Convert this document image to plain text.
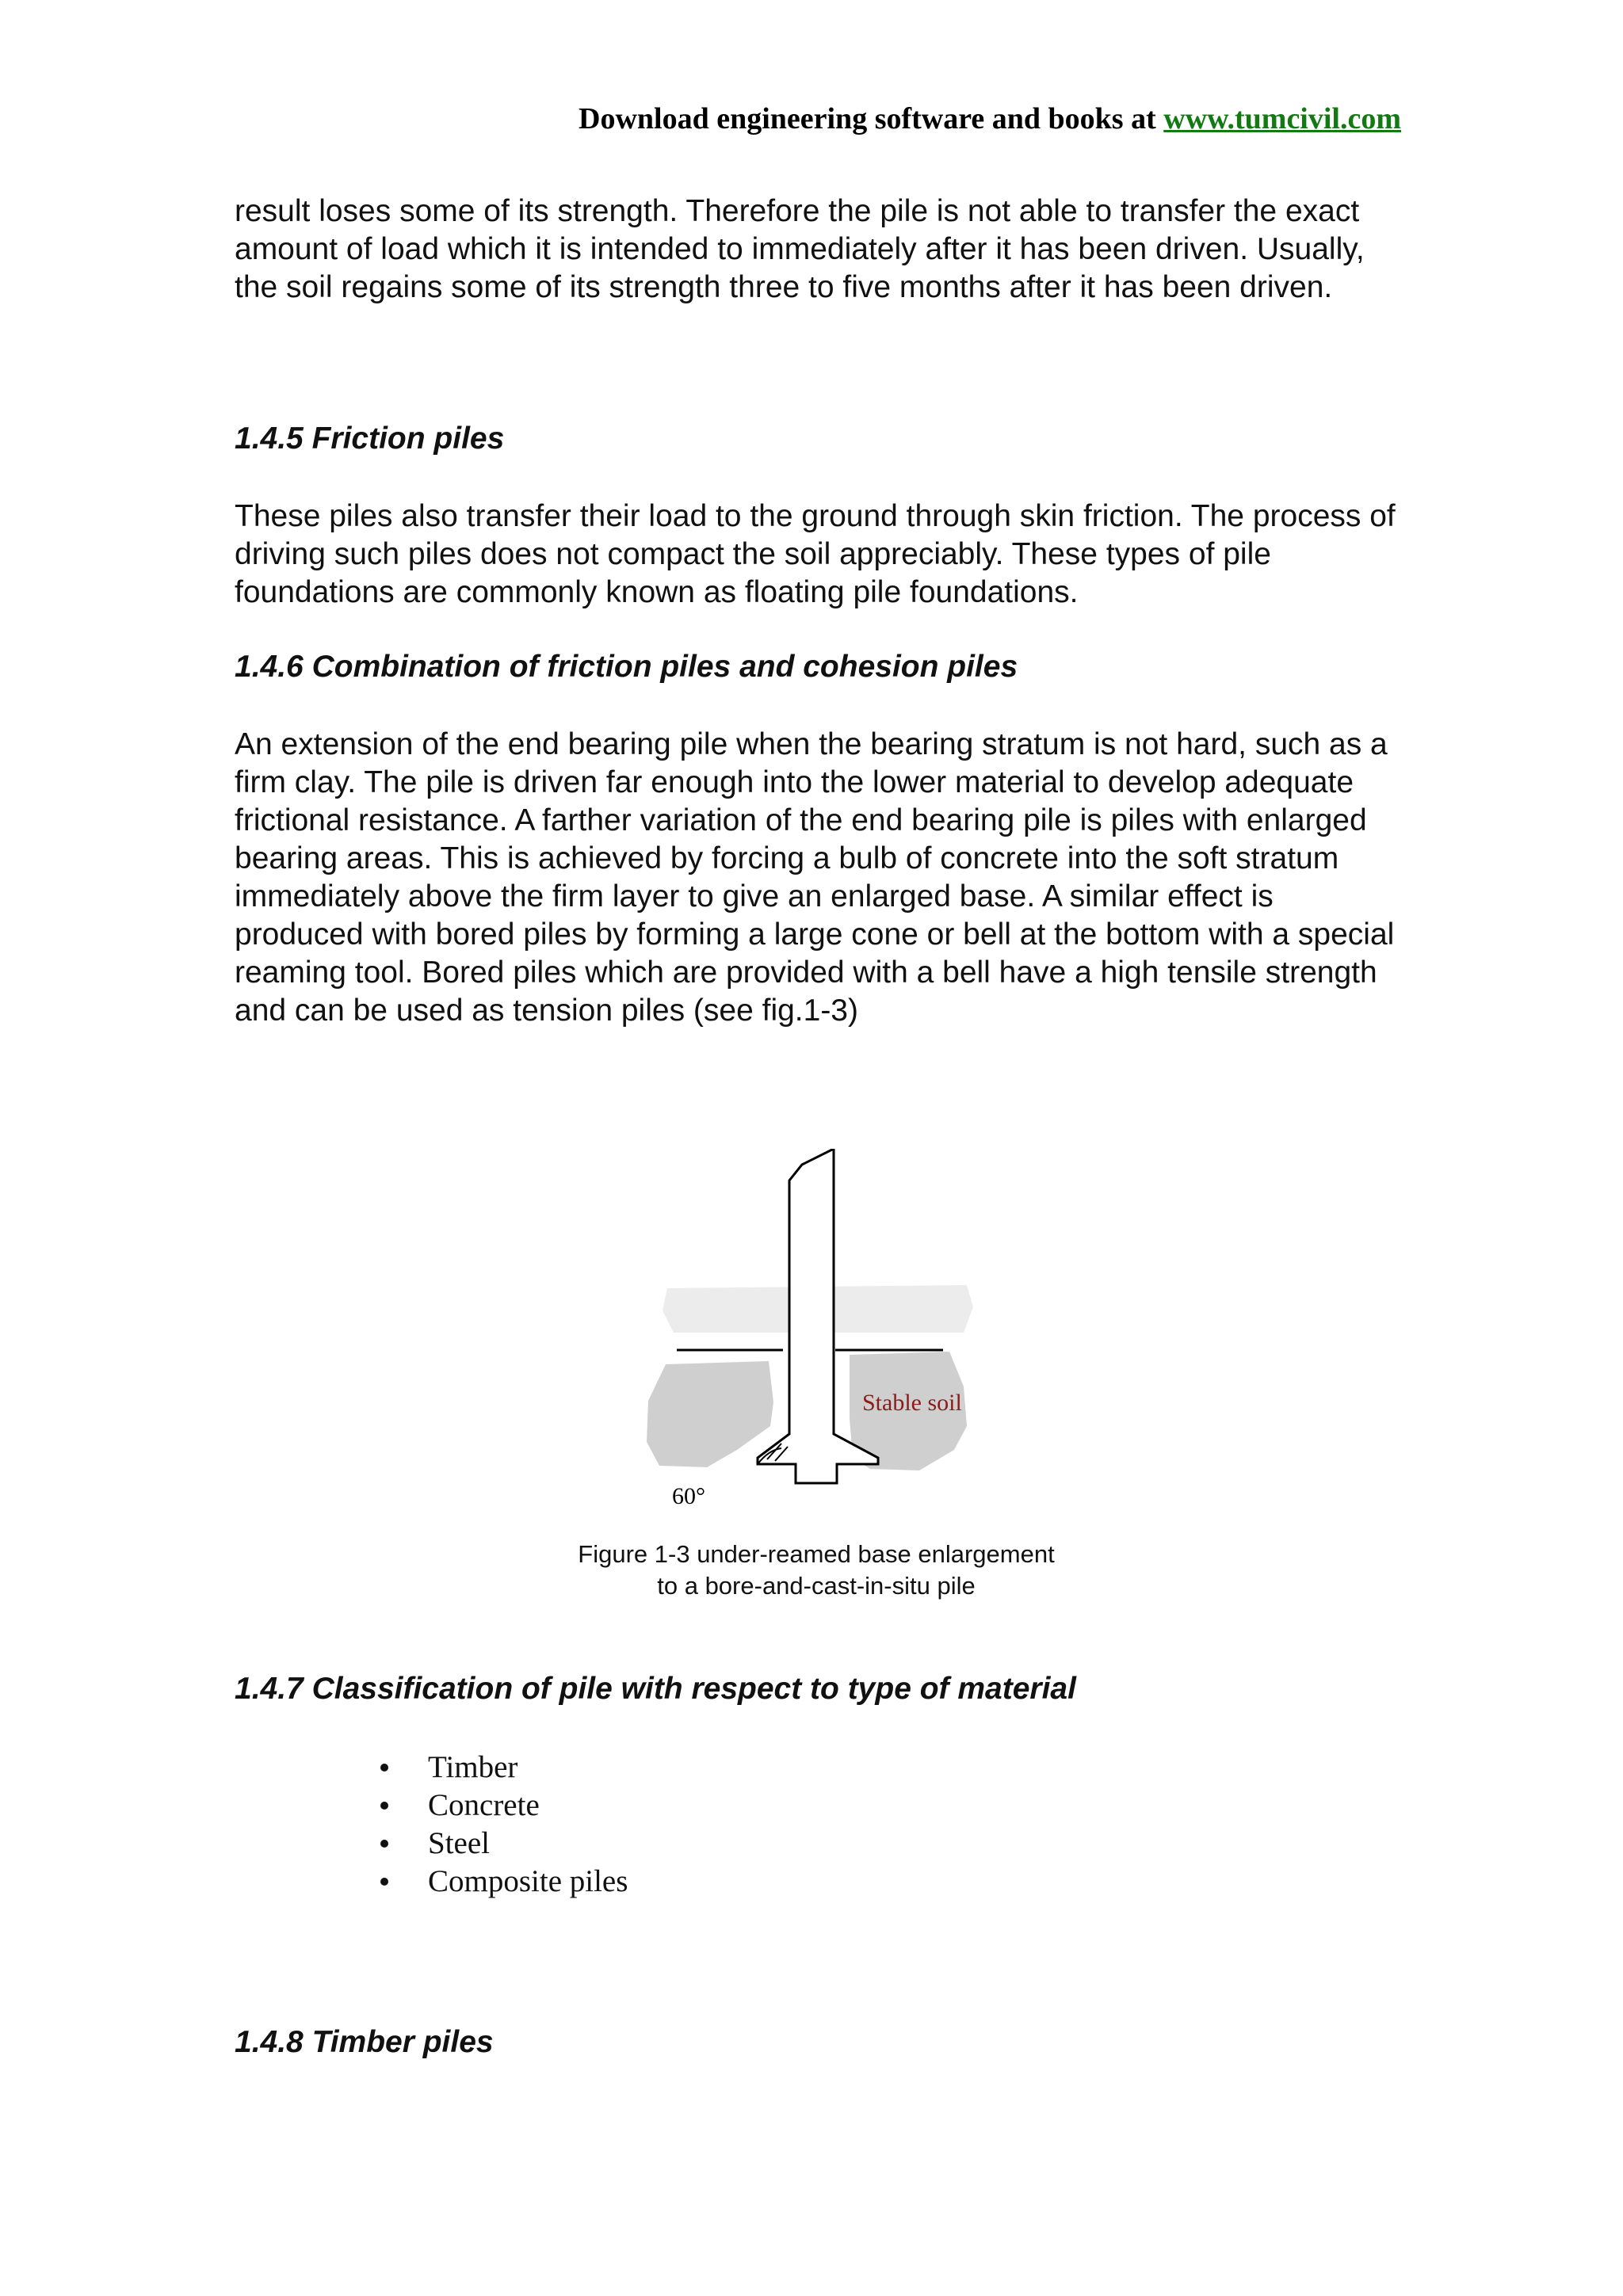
Download engineering software and books at www.tumcivil.com

result loses some of its strength. Therefore the pile is not able to transfer the exact amount of load which it is intended to immediately after it has been driven. Usually, the soil regains some of its strength three to five months after it has been driven.

1.4.5 Friction piles

These piles also transfer their load to the ground through skin friction. The process of driving such piles does not compact the soil appreciably. These types of pile foundations are commonly known as floating pile foundations.

1.4.6 Combination of friction piles and cohesion piles

An extension of the end bearing pile when the bearing stratum is not hard, such as a firm clay. The pile is driven far enough into the lower material to develop adequate frictional resistance. A farther variation of the end bearing pile is piles with enlarged bearing areas. This is achieved by forcing a bulb of concrete into the soft stratum immediately above the firm layer to give an enlarged base. A similar effect is produced with bored piles by forming a large cone or bell at the bottom with a special reaming tool. Bored piles which are provided with a bell have a high tensile strength and can be used as tension piles (see fig.1-3)

Stable soil
60°

Figure 1-3 under-reamed base enlargement to a bore-and-cast-in-situ pile

1.4.7 Classification of pile with respect to type of material
Timber
Concrete
Steel
Composite piles
1.4.8 Timber piles
